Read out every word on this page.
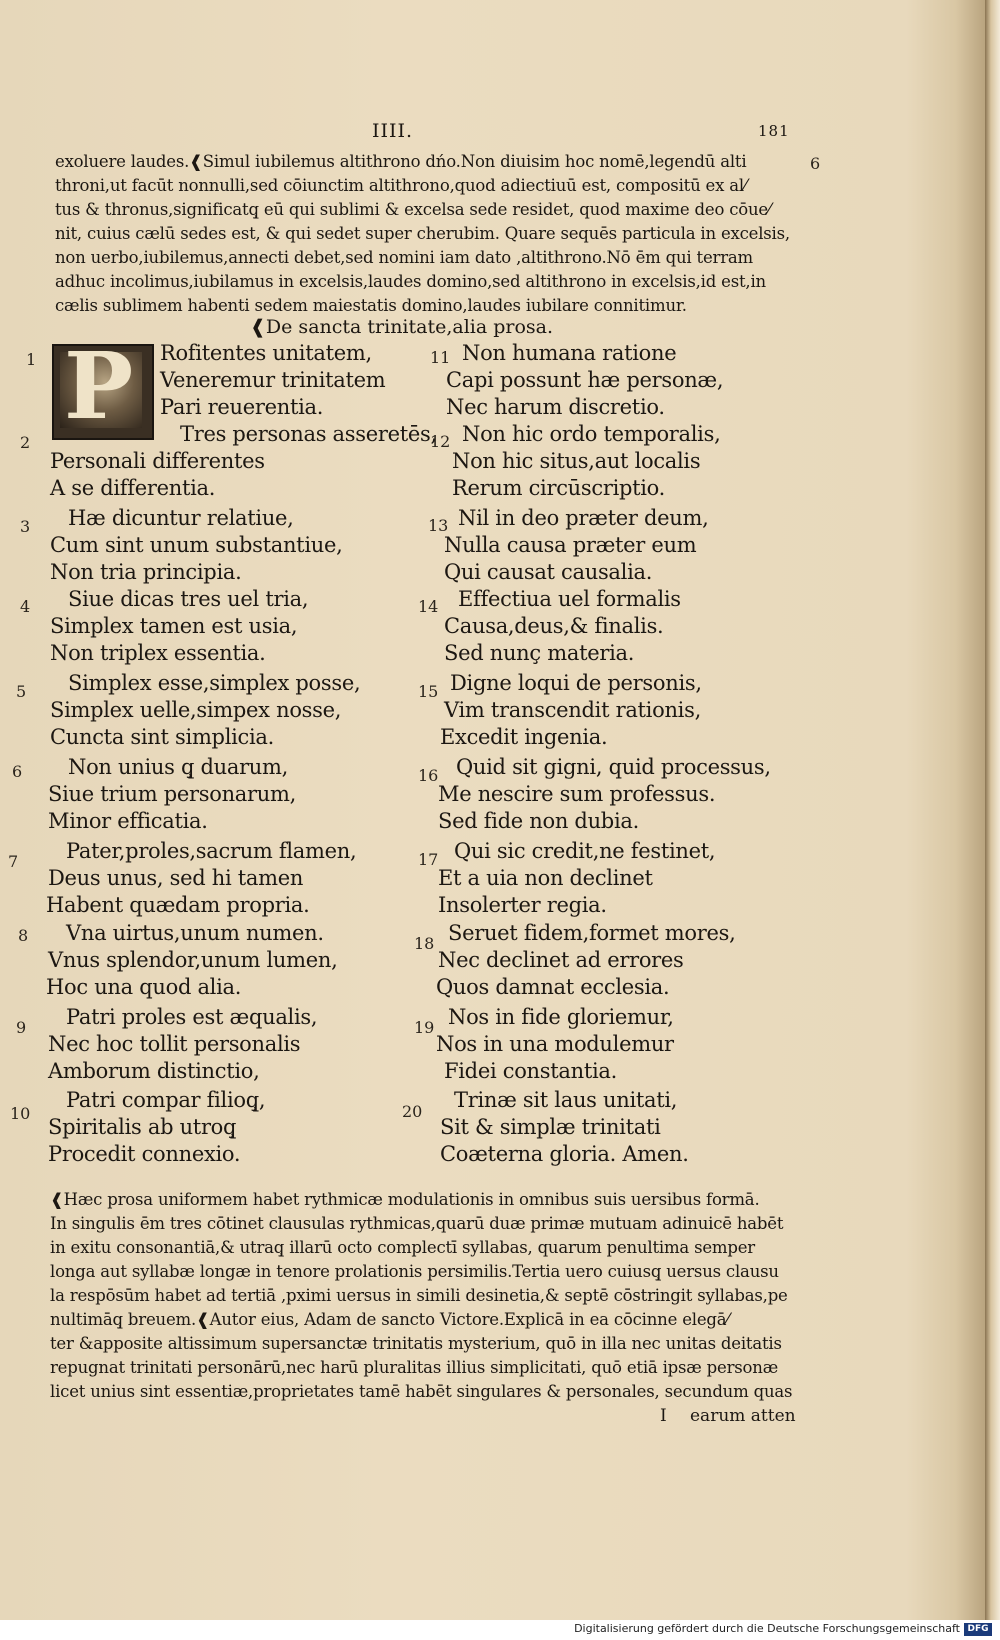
IIII.	181
6
exoluere laudes.❰Simul iubilemus altithrono dńo.Non diuisim hoc nomē,legendū alti
throni,ut facūt nonnulli,sed cōiunctim altithrono,quod adiectiuū est, compositū ex al⁄
tus & thronus,significatq̧ eū qui sublimi & excelsa sede residet, quod maxime deo cōue⁄
nit, cuius cælū sedes est, & qui sedet super cherubim. Quare sequēs particula in excelsis,
non uerbo,iubilemus,annecti debet,sed nomini iam dato ,altithrono.Nō ēm qui terram
adhuc incolimus,iubilamus in excelsis,laudes domino,sed altithrono in excelsis,id est,in
cælis sublimem habenti sedem maiestatis domino,laudes iubilare connitimur.
❰De sancta trinitate,alia prosa.
P
1	Rofitentes unitatem,
Veneremur trinitatem
Pari reuerentia.
2	Tres personas asseretēs,
Personali differentes
A se differentia.
3 Hæ dicuntur relatiue,
Cum sint unum substantiue,
Non tria principia.
4 Siue dicas tres uel tria,
Simplex tamen est usia,
Non triplex essentia.
5 Simplex esse,simplex posse,
Simplex uelle,simpex nosse,
Cuncta sint simplicia.
6 Non unius q̧ duarum,
Siue trium personarum,
Minor efficatia.
7 Pater,proles,sacrum flamen,
Deus unus, sed hi tamen
Habent quædam propria.
8 Vna uirtus,unum numen.
Vnus splendor,unum lumen,
Hoc una quod alia.
9 Patri proles est æqualis,
Nec hoc tollit personalis
Amborum distinctio,
10
Patri compar filioq̧,
Spiritalis ab utroq̧
Procedit connexio.
11 Non humana ratione
Capi possunt hæ personæ,
Nec harum discretio.
12 Non hic ordo temporalis,
Non hic situs,aut localis
Rerum circūscriptio.
13 Nil in deo præter deum,
Nulla causa præter eum
Qui causat causalia.
14 Effectiua uel formalis
Causa,deus,& finalis.
Sed nunç materia.
15 Digne loqui de personis,
Vim transcendit rationis,
Excedit ingenia.
16 Quid sit gigni, quid processus,
Me nescire sum professus.
Sed fide non dubia.
17 Qui sic credit,ne festinet,
Et a uia non declinet
Insolerter regia.
18 Seruet fidem,formet mores,
Nec declinet ad errores
Quos damnat ecclesia.
19 Nos in fide gloriemur,
Nos in una modulemur
Fidei constantia.
20 Trinæ sit laus unitati,
Sit & simplæ trinitati
Coæterna gloria. Amen.
❰Hæc prosa uniformem habet rythmicæ modulationis in omnibus suis uersibus formā.
In singulis ēm tres cōtinet clausulas rythmicas,quarū duæ primæ mutuam adinuicē habēt
in exitu consonantiā,& utraq̧ illarū octo complectī syllabas, quarum penultima semper
longa aut syllabæ longæ in tenore prolationis persimilis.Tertia uero cuiusq̧ uersus clausu
la respōsūm habet ad tertiā ,pximi uersus in simili desinetia,& septē cōstringit syllabas,pe
nultimāq̧ breuem.❰Autor eius, Adam de sancto Victore.Explicā in ea cōcinne elegā⁄
ter &apposite altissimum supersanctæ trinitatis mysterium, quō in illa nec unitas deitatis
repugnat trinitati personārū,nec harū pluralitas illius simplicitati, quō etiā ipsæ personæ
licet unius sint essentiæ,proprietates tamē habēt singulares & personales, secundum quas
I earum atten
Digitalisierung gefördert durch die Deutsche Forschungsgemeinschaft DFG
